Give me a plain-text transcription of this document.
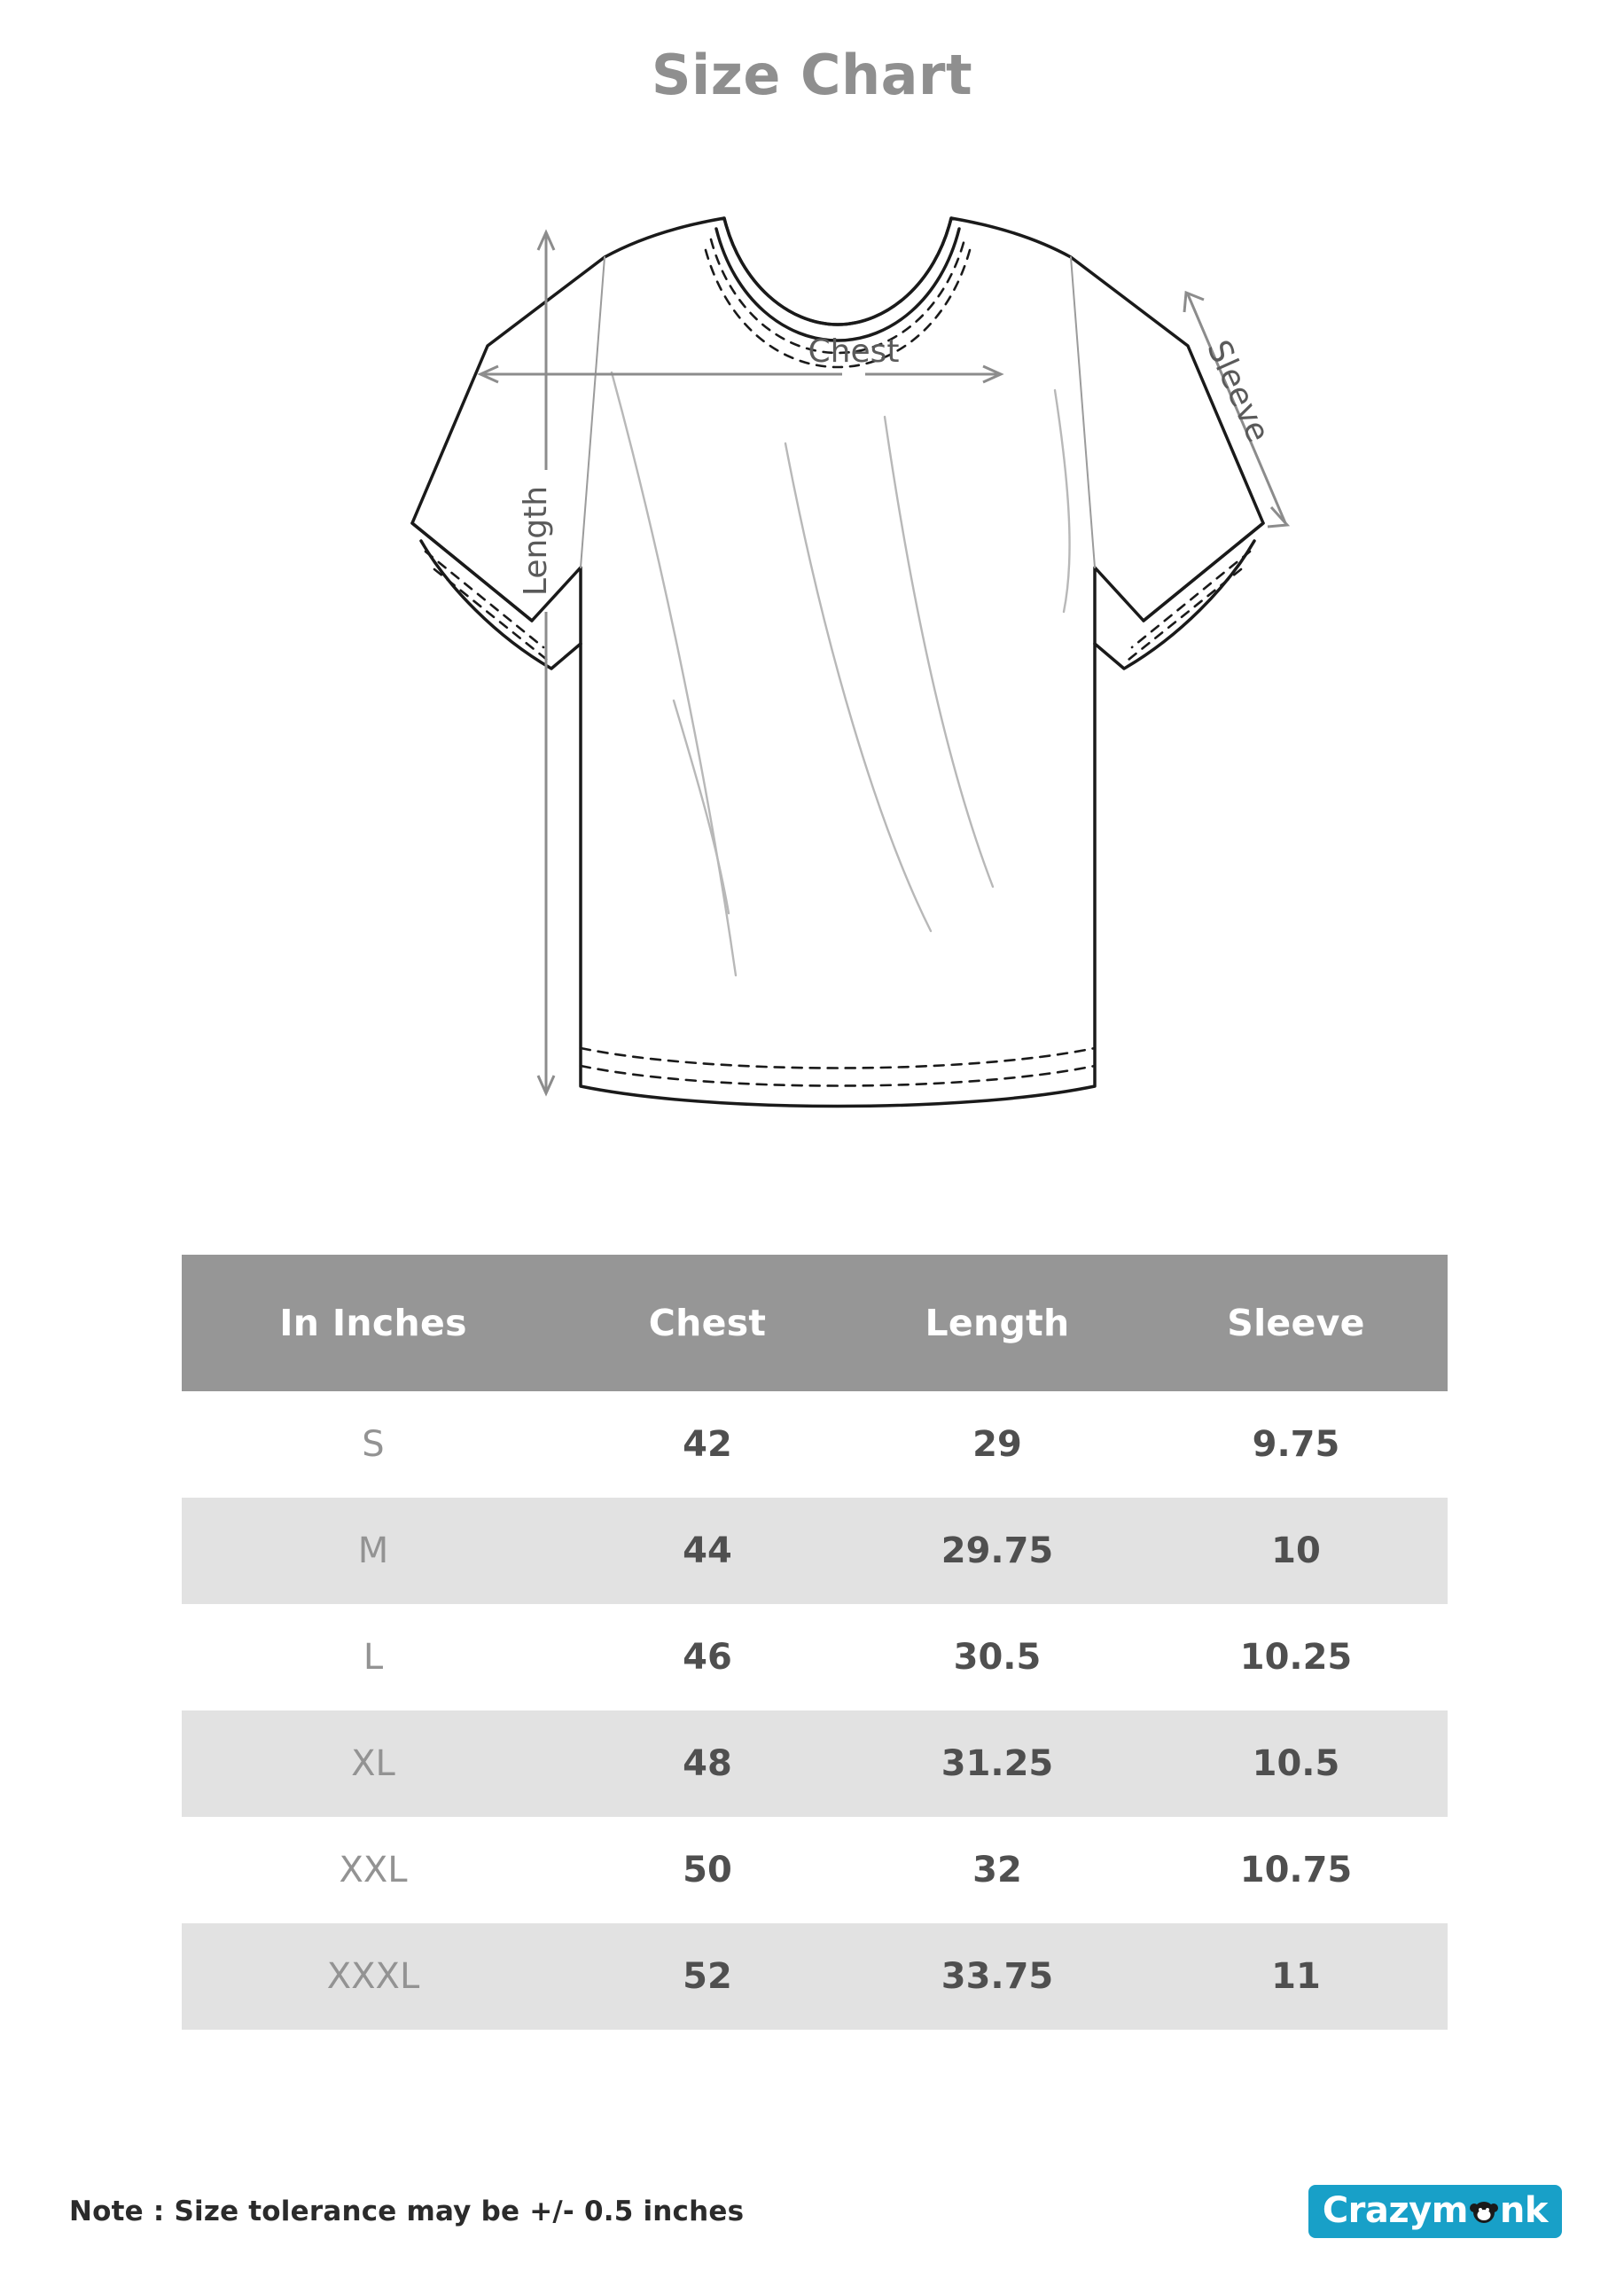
Size Chart
Chest
Length
Sleeve
In Inches	Chest	Length	Sleeve
S	42	29	9.75
M	44	29.75	10
L	46	30.5	10.25
XL	48	31.25	10.5
XXL	50	32	10.75
XXXL	52	33.75	11
Note : Size tolerance may be +/- 0.5 inches	Crazym nk
